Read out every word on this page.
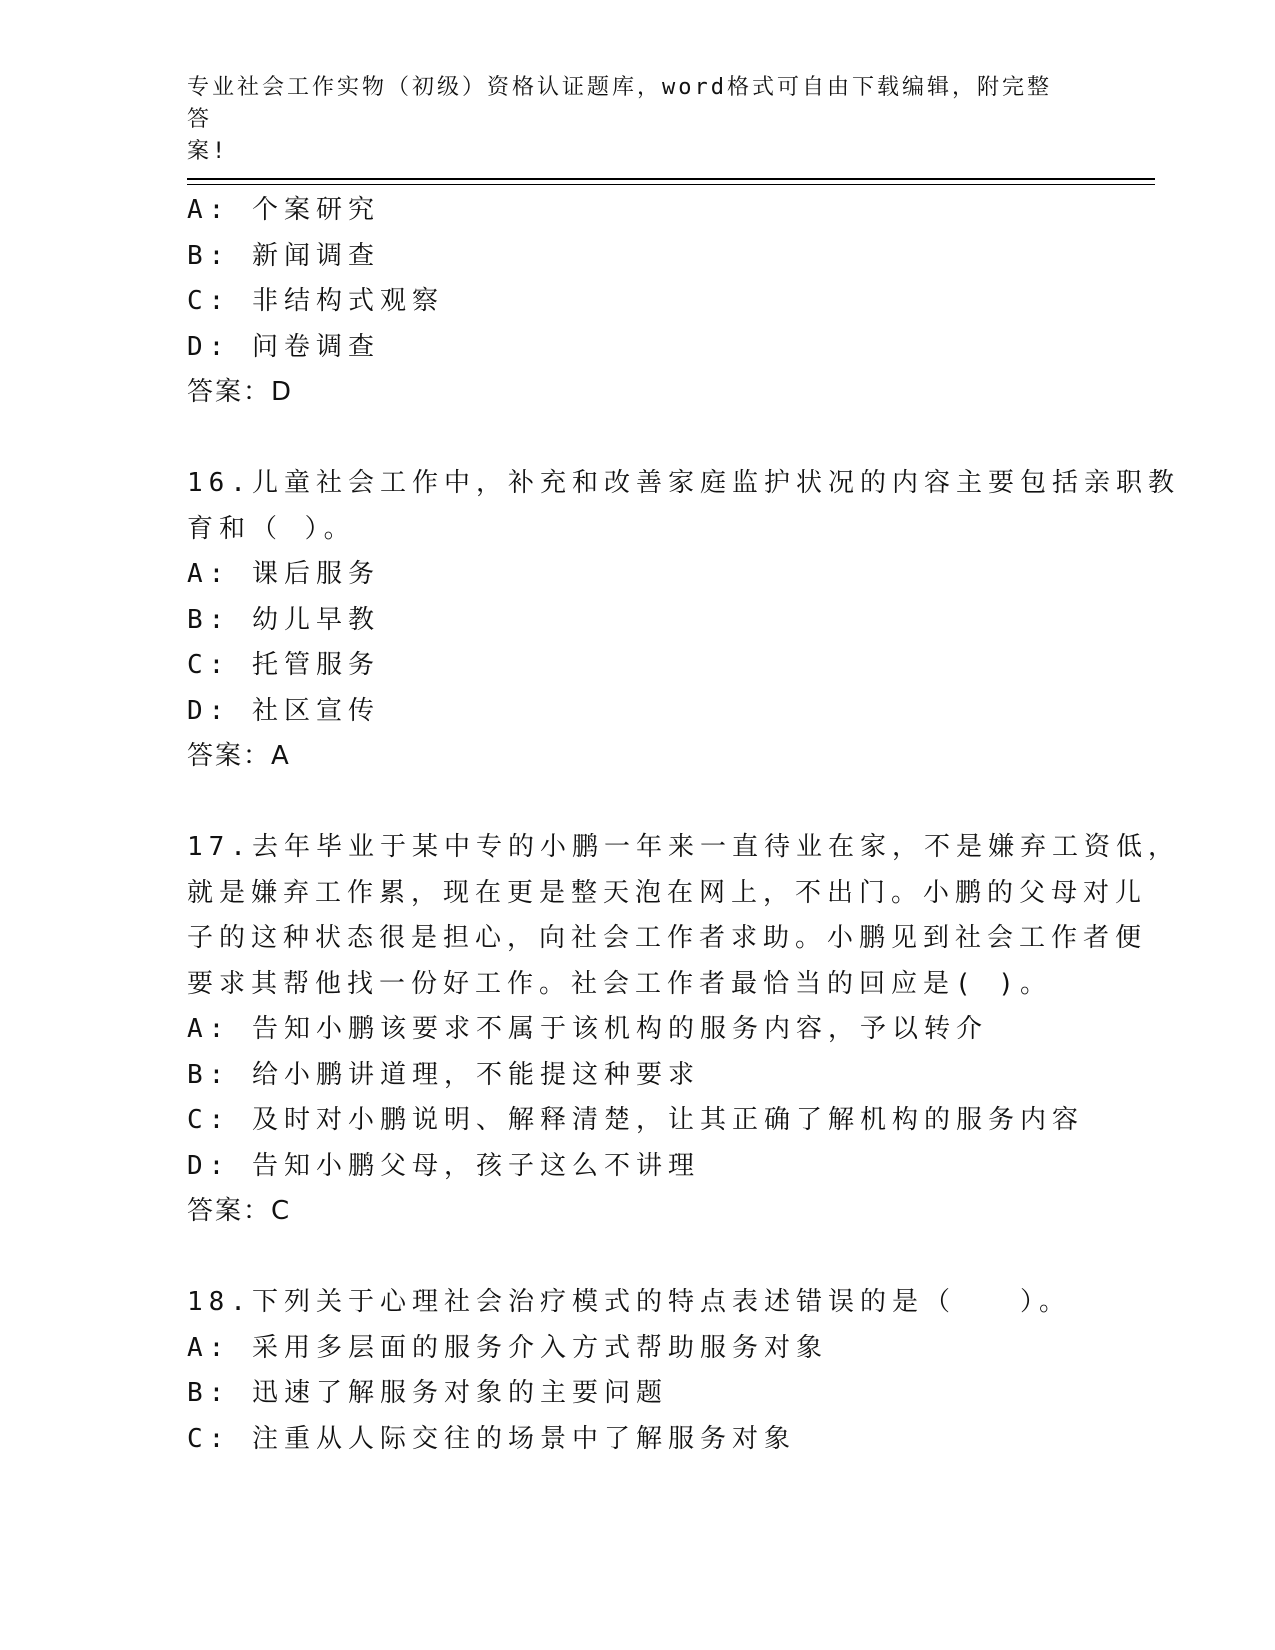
专业社会工作实物（初级）资格认证题库，word格式可自由下载编辑，附完整答
案!
A: 个案研究
B: 新闻调查
C: 非结构式观察
D: 问卷调查
答案：D
16.儿童社会工作中，补充和改善家庭监护状况的内容主要包括亲职教
育和（ ）。
A: 课后服务
B: 幼儿早教
C: 托管服务
D: 社区宣传
答案：A
17.去年毕业于某中专的小鹏一年来一直待业在家，不是嫌弃工资低，
就是嫌弃工作累，现在更是整天泡在网上，不出门。小鹏的父母对儿
子的这种状态很是担心，向社会工作者求助。小鹏见到社会工作者便
要求其帮他找一份好工作。社会工作者最恰当的回应是( )。
A: 告知小鹏该要求不属于该机构的服务内容，予以转介
B: 给小鹏讲道理，不能提这种要求
C: 及时对小鹏说明、解释清楚，让其正确了解机构的服务内容
D: 告知小鹏父母，孩子这么不讲理
答案：C
18.下列关于心理社会治疗模式的特点表述错误的是（　　）。
A: 采用多层面的服务介入方式帮助服务对象
B: 迅速了解服务对象的主要问题
C: 注重从人际交往的场景中了解服务对象
